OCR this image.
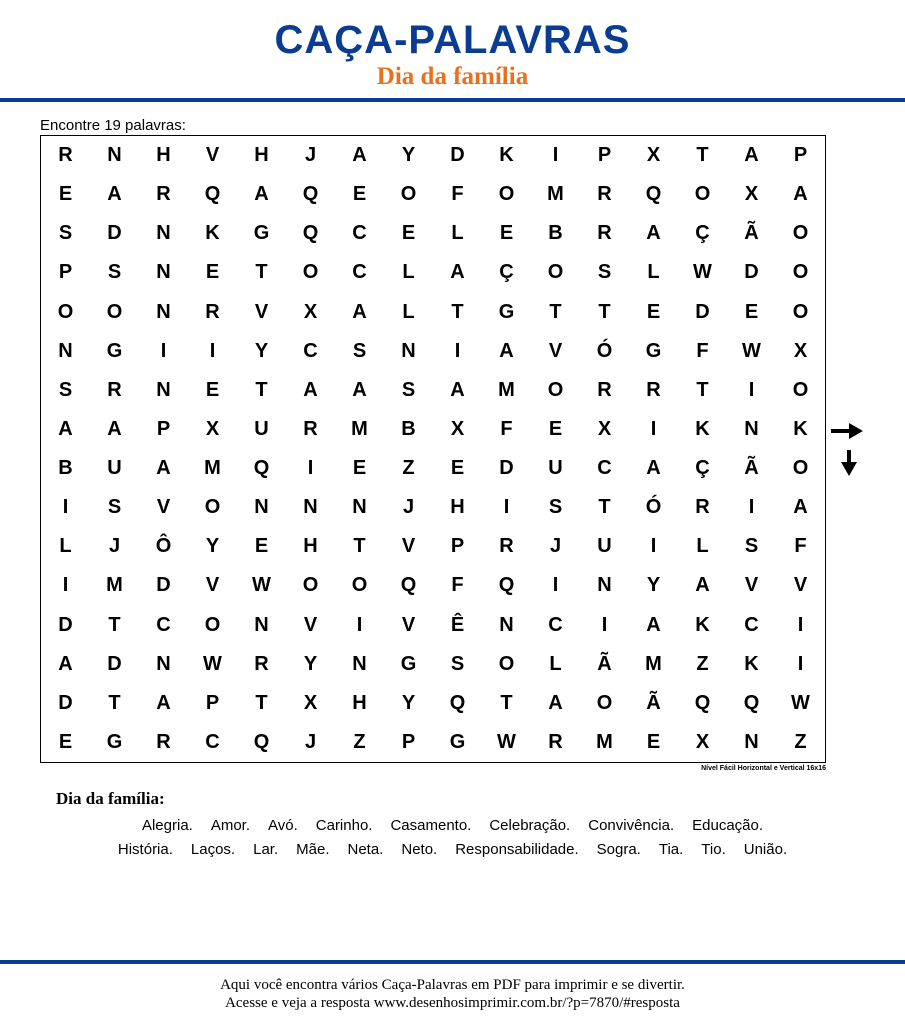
CAÇA-PALAVRAS
Dia da família
Encontre 19 palavras:
R	N	H	V	H	J	A	Y	D	K	I	P	X	T	A	P
E	A	R	Q	A	Q	E	O	F	O	M	R	Q	O	X	A
S	D	N	K	G	Q	C	E	L	E	B	R	A	Ç	Ã	O
P	S	N	E	T	O	C	L	A	Ç	O	S	L	W	D	O
O	O	N	R	V	X	A	L	T	G	T	T	E	D	E	O
N	G	I	I	Y	C	S	N	I	A	V	Ó	G	F	W	X
S	R	N	E	T	A	A	S	A	M	O	R	R	T	I	O
A	A	P	X	U	R	M	B	X	F	E	X	I	K	N	K
B	U	A	M	Q	I	E	Z	E	D	U	C	A	Ç	Ã	O
I	S	V	O	N	N	N	J	H	I	S	T	Ó	R	I	A
L	J	Ô	Y	E	H	T	V	P	R	J	U	I	L	S	F
I	M	D	V	W	O	O	Q	F	Q	I	N	Y	A	V	V
D	T	C	O	N	V	I	V	Ê	N	C	I	A	K	C	I
A	D	N	W	R	Y	N	G	S	O	L	Ã	M	Z	K	I
D	T	A	P	T	X	H	Y	Q	T	A	O	Ã	Q	Q	W
E	G	R	C	Q	J	Z	P	G	W	R	M	E	X	N	Z
Nível Fácil Horizontal e Vertical 16x16
Dia da família:
Alegria. Amor. Avó. Carinho. Casamento. Celebração. Convivência. Educação.
História. Laços. Lar. Mãe. Neta. Neto. Responsabilidade. Sogra. Tia. Tio. União.
Aqui você encontra vários Caça-Palavras em PDF para imprimir e se divertir.
Acesse e veja a resposta www.desenhosimprimir.com.br/?p=7870/#resposta
